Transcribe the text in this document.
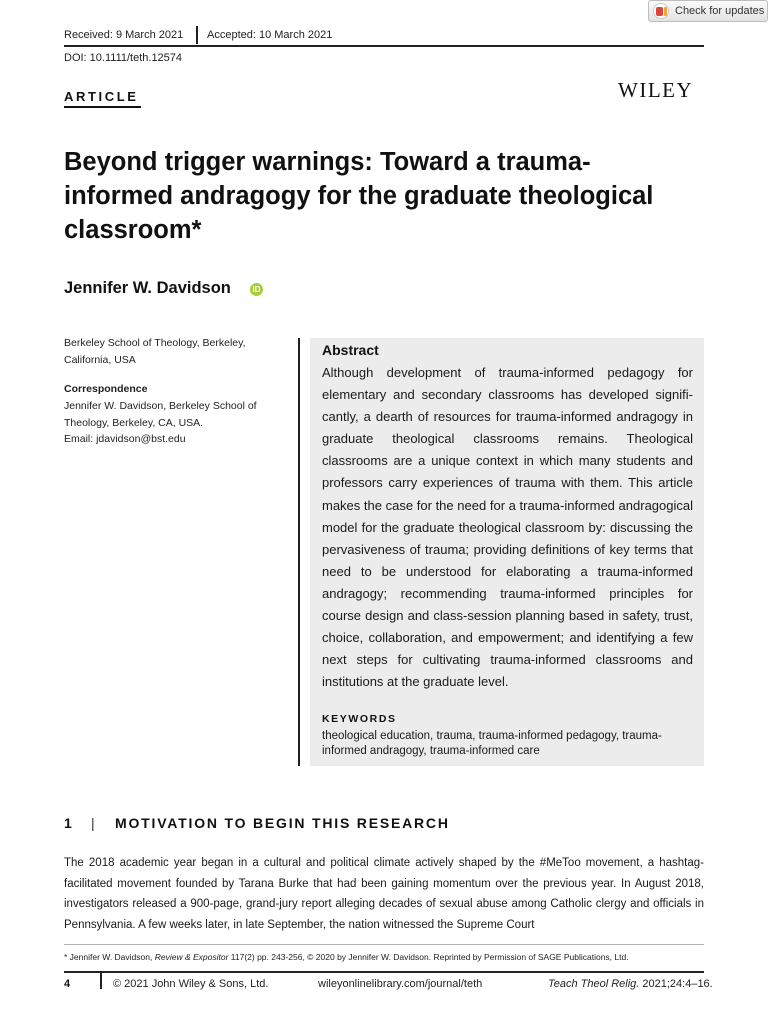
Check for updates
Received: 9 March 2021 Accepted: 10 March 2021
DOI: 10.1111/teth.12574
ARTICLE	WILEY
Beyond trigger warnings: Toward a trauma-informed andragogy for the graduate theological classroom*
Jennifer W. Davidson	iD
Berkeley School of Theology, Berkeley, California, USA
Correspondence
Jennifer W. Davidson, Berkeley School of Theology, Berkeley, CA, USA.
Email: jdavidson@bst.edu
Abstract
Although development of trauma-informed pedagogy for elementary and secondary classrooms has developed signifi-cantly, a dearth of resources for trauma-informed andragogy in graduate theological classrooms remains. Theological classrooms are a unique context in which many students and professors carry experiences of trauma with them. This article makes the case for the need for a trauma-informed andragogical model for the graduate theological classroom by: discussing the pervasiveness of trauma; providing definitions of key terms that need to be understood for elaborating a trauma-informed andragogy; recommending trauma-informed principles for course design and class-session planning based in safety, trust, choice, collaboration, and empowerment; and identifying a few next steps for cultivating trauma-informed classrooms and institutions at the graduate level.
KEYWORDS
theological education, trauma, trauma-informed pedagogy, trauma-informed andragogy, trauma-informed care
1 | MOTIVATION TO BEGIN THIS RESEARCH
The 2018 academic year began in a cultural and political climate actively shaped by the #MeToo movement, a hashtag-facilitated movement founded by Tarana Burke that had been gaining momentum over the previous year. In August 2018, investigators released a 900-page, grand-jury report alleging decades of sexual abuse among Catholic clergy and officials in Pennsylvania. A few weeks later, in late September, the nation witnessed the Supreme Court
* Jennifer W. Davidson, Review & Expositor 117(2) pp. 243-256, © 2020 by Jennifer W. Davidson. Reprinted by Permission of SAGE Publications, Ltd.
4	© 2021 John Wiley & Sons, Ltd.	wileyonlinelibrary.com/journal/teth	Teach Theol Relig. 2021;24:4–16.
